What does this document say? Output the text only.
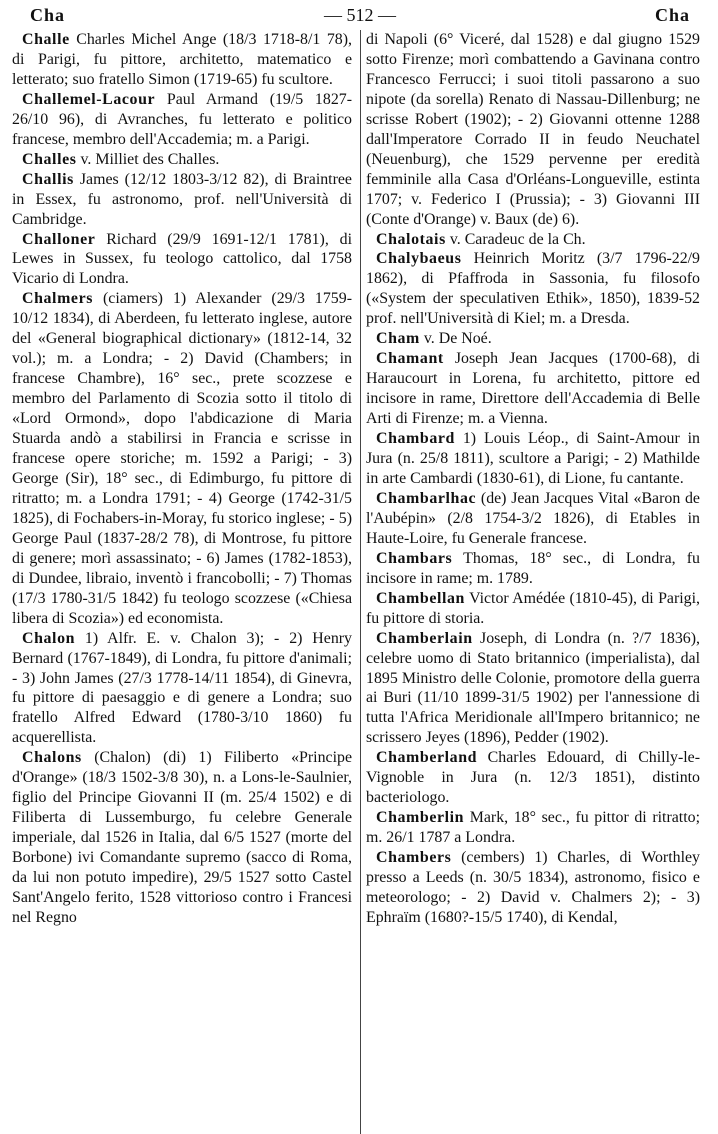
Cha	— 512 —	Cha

Challe Charles Michel Ange (18/3 1718-8/1 78), di Parigi, fu pittore, architetto, matematico e letterato; suo fratello Simon (1719-65) fu scultore.

Challemel-Lacour Paul Armand (19/5 1827-26/10 96), di Avranches, fu letterato e politico francese, membro dell'Accademia; m. a Parigi.

Challes v. Milliet des Challes.

Challis James (12/12 1803-3/12 82), di Braintree in Essex, fu astronomo, prof. nell'Università di Cambridge.

Challoner Richard (29/9 1691-12/1 1781), di Lewes in Sussex, fu teologo cattolico, dal 1758 Vicario di Londra.

Chalmers (ciamers) 1) Alexander (29/3 1759-10/12 1834), di Aberdeen, fu letterato inglese, autore del «General biographical dictionary» (1812-14, 32 vol.); m. a Londra; - 2) David (Chambers; in francese Chambre), 16° sec., prete scozzese e membro del Parlamento di Scozia sotto il titolo di «Lord Ormond», dopo l'abdicazione di Maria Stuarda andò a stabilirsi in Francia e scrisse in francese opere storiche; m. 1592 a Parigi; - 3) George (Sir), 18° sec., di Edimburgo, fu pittore di ritratto; m. a Londra 1791; - 4) George (1742-31/5 1825), di Fochabers-in-Moray, fu storico inglese; - 5) George Paul (1837-28/2 78), di Montrose, fu pittore di genere; morì assassinato; - 6) James (1782-1853), di Dundee, libraio, inventò i francobolli; - 7) Thomas (17/3 1780-31/5 1842) fu teologo scozzese («Chiesa libera di Scozia») ed economista.

Chalon 1) Alfr. E. v. Chalon 3); - 2) Henry Bernard (1767-1849), di Londra, fu pittore d'animali; - 3) John James (27/3 1778-14/11 1854), di Ginevra, fu pittore di paesaggio e di genere a Londra; suo fratello Alfred Edward (1780-3/10 1860) fu acquerellista.

Chalons (Chalon) (di) 1) Filiberto «Principe d'Orange» (18/3 1502-3/8 30), n. a Lons-le-Saulnier, figlio del Principe Giovanni II (m. 25/4 1502) e di Filiberta di Lussemburgo, fu celebre Generale imperiale, dal 1526 in Italia, dal 6/5 1527 (morte del Borbone) ivi Comandante supremo (sacco di Roma, da lui non potuto impedire), 29/5 1527 sotto Castel Sant'Angelo ferito, 1528 vittorioso contro i Francesi nel Regno

di Napoli (6° Viceré, dal 1528) e dal giugno 1529 sotto Firenze; morì combattendo a Gavinana contro Francesco Ferrucci; i suoi titoli passarono a suo nipote (da sorella) Renato di Nassau-Dillenburg; ne scrisse Robert (1902); - 2) Giovanni ottenne 1288 dall'Imperatore Corrado II in feudo Neuchatel (Neuenburg), che 1529 pervenne per eredità femminile alla Casa d'Orléans-Longueville, estinta 1707; v. Federico I (Prussia); - 3) Giovanni III (Conte d'Orange) v. Baux (de) 6).

Chalotais v. Caradeuc de la Ch.

Chalybaeus Heinrich Moritz (3/7 1796-22/9 1862), di Pfaffroda in Sassonia, fu filosofo («System der speculativen Ethik», 1850), 1839-52 prof. nell'Università di Kiel; m. a Dresda.

Cham v. De Noé.

Chamant Joseph Jean Jacques (1700-68), di Haraucourt in Lorena, fu architetto, pittore ed incisore in rame, Direttore dell'Accademia di Belle Arti di Firenze; m. a Vienna.

Chambard 1) Louis Léop., di Saint-Amour in Jura (n. 25/8 1811), scultore a Parigi; - 2) Mathilde in arte Cambardi (1830-61), di Lione, fu cantante.

Chambarlhac (de) Jean Jacques Vital «Baron de l'Aubépin» (2/8 1754-3/2 1826), di Etables in Haute-Loire, fu Generale francese.

Chambars Thomas, 18° sec., di Londra, fu incisore in rame; m. 1789.

Chambellan Victor Amédée (1810-45), di Parigi, fu pittore di storia.

Chamberlain Joseph, di Londra (n. ?/7 1836), celebre uomo di Stato britannico (imperialista), dal 1895 Ministro delle Colonie, promotore della guerra ai Buri (11/10 1899-31/5 1902) per l'annessione di tutta l'Africa Meridionale all'Impero britannico; ne scrissero Jeyes (1896), Pedder (1902).

Chamberland Charles Edouard, di Chilly-le-Vignoble in Jura (n. 12/3 1851), distinto bacteriologo.

Chamberlin Mark, 18° sec., fu pittor di ritratto; m. 26/1 1787 a Londra.

Chambers (cembers) 1) Charles, di Worthley presso a Leeds (n. 30/5 1834), astronomo, fisico e meteorologo; - 2) David v. Chalmers 2); - 3) Ephraïm (1680?-15/5 1740), di Kendal,
